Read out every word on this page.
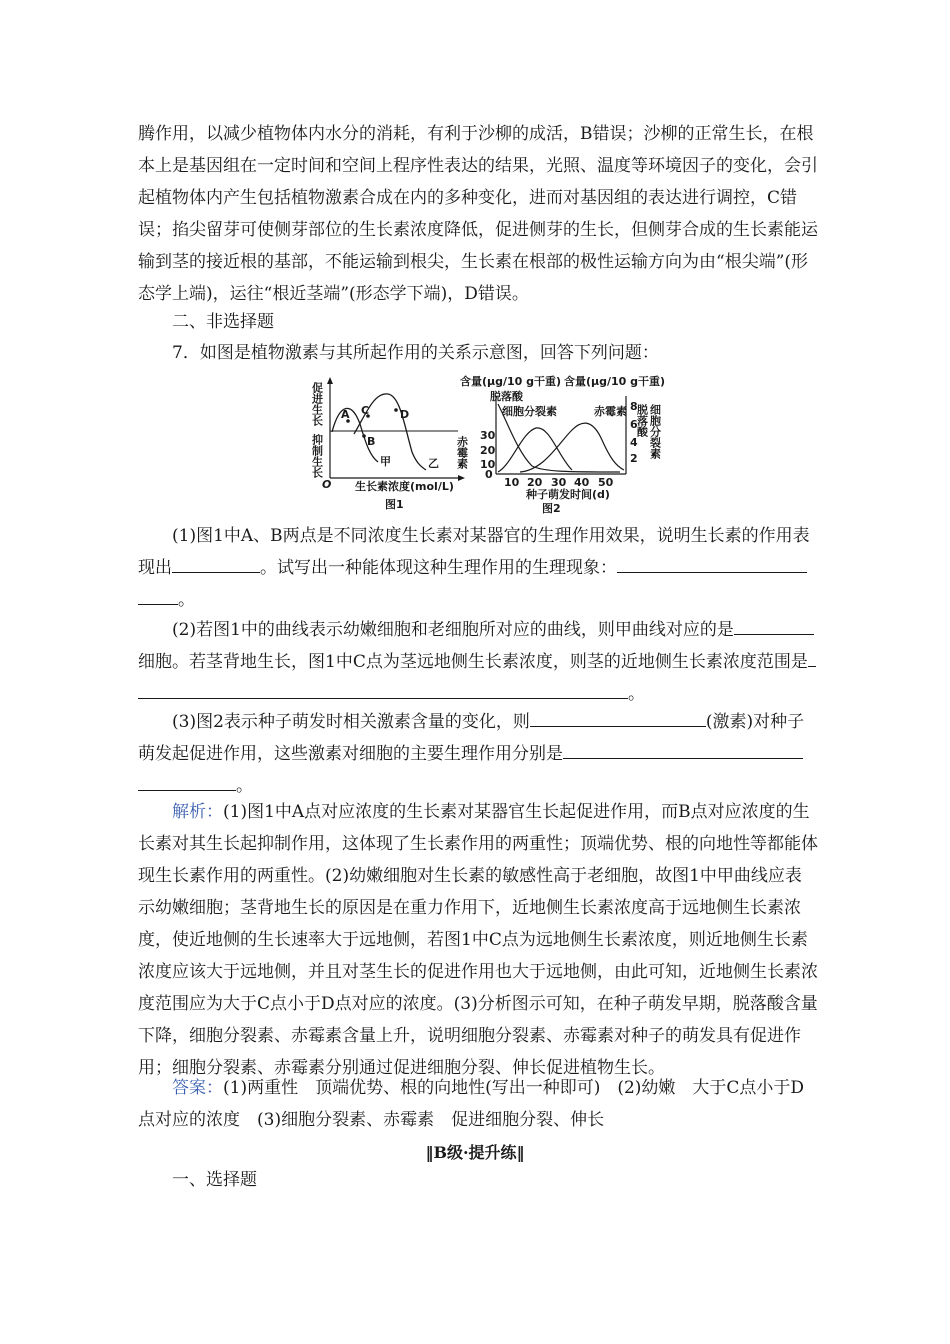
腾作用，以减少植物体内水分的消耗，有利于沙柳的成活，B错误；沙柳的正常生长，在根本上是基因组在一定时间和空间上程序性表达的结果，光照、温度等环境因子的变化，会引起植物体内产生包括植物激素合成在内的多种变化，进而对基因组的表达进行调控，C错误；掐尖留芽可使侧芽部位的生长素浓度降低，促进侧芽的生长，但侧芽合成的生长素能运输到茎的接近根的基部，不能运输到根尖，生长素在根部的极性运输方向为由“根尖端”(形态学上端)，运往“根近茎端”(形态学下端)，D错误。

二、非选择题

7．如图是植物激素与其所起作用的关系示意图，回答下列问题：

A
B
C	D
甲	乙
O 生长素浓度(mol/L)
图1
促进生长
抑制生长
含量(μg/10 g干重) 含量(μg/10 g干重)
脱落酸
细胞分裂素	赤霉素
赤霉素	细胞分裂素
脱落酸
30
20
10
0
8
6
4
2
10 20 30 40 50
种子萌发时间(d)
图2

(1)图1中A、B两点是不同浓度生长素对某器官的生理作用效果，说明生长素的作用表
现出	。试写出一种能体现这种生理作用的生理现象：
。

(2)若图1中的曲线表示幼嫩细胞和老细胞所对应的曲线，则甲曲线对应的是
细胞。若茎背地生长，图1中C点为茎远地侧生长素浓度，则茎的近地侧生长素浓度范围是
。

(3)图2表示种子萌发时相关激素含量的变化，则	(激素)对种子
萌发起促进作用，这些激素对细胞的主要生理作用分别是
。

解析：(1)图1中A点对应浓度的生长素对某器官生长起促进作用，而B点对应浓度的生长素对其生长起抑制作用，这体现了生长素作用的两重性；顶端优势、根的向地性等都能体现生长素作用的两重性。(2)幼嫩细胞对生长素的敏感性高于老细胞，故图1中甲曲线应表示幼嫩细胞；茎背地生长的原因是在重力作用下，近地侧生长素浓度高于远地侧生长素浓度，使近地侧的生长速率大于远地侧，若图1中C点为远地侧生长素浓度，则近地侧生长素浓度应该大于远地侧，并且对茎生长的促进作用也大于远地侧，由此可知，近地侧生长素浓度范围应为大于C点小于D点对应的浓度。(3)分析图示可知，在种子萌发早期，脱落酸含量下降，细胞分裂素、赤霉素含量上升，说明细胞分裂素、赤霉素对种子的萌发具有促进作用；细胞分裂素、赤霉素分别通过促进细胞分裂、伸长促进植物生长。

答案：(1)两重性　顶端优势、根的向地性(写出一种即可)　(2)幼嫩　大于C点小于D点对应的浓度　(3)细胞分裂素、赤霉素　促进细胞分裂、伸长

‖B级·提升练‖

一、选择题
